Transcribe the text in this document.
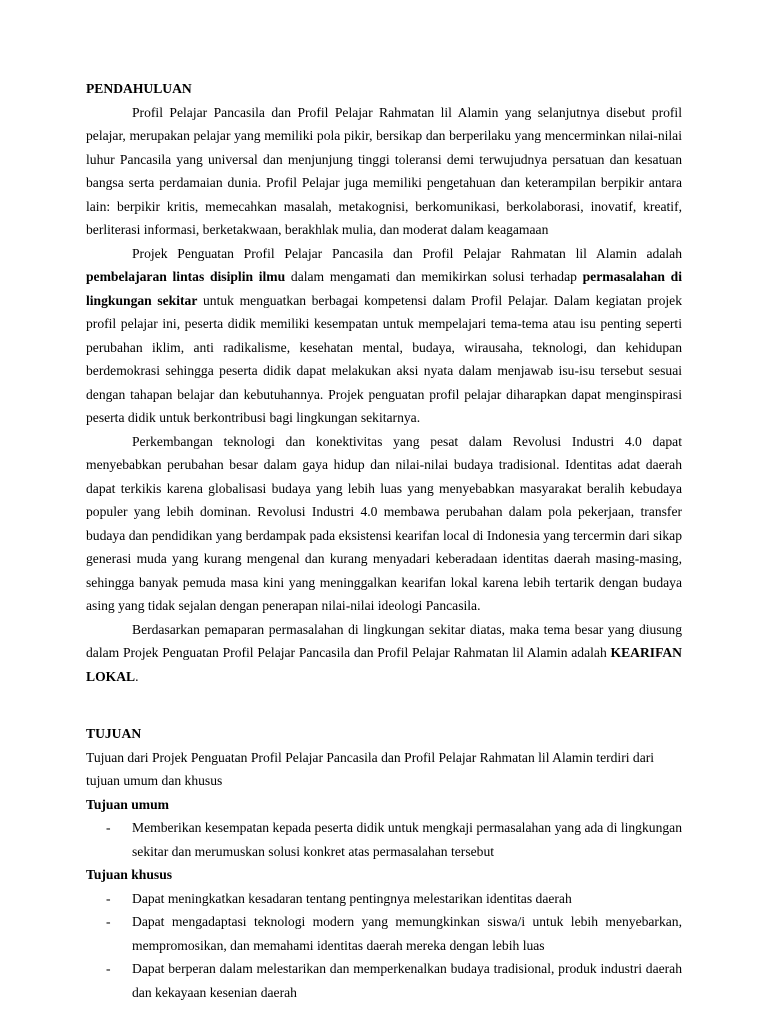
PENDAHULUAN

Profil Pelajar Pancasila dan Profil Pelajar Rahmatan lil Alamin yang selanjutnya disebut profil pelajar, merupakan pelajar yang memiliki pola pikir, bersikap dan berperilaku yang mencerminkan nilai-nilai luhur Pancasila yang universal dan menjunjung tinggi toleransi demi terwujudnya persatuan dan kesatuan bangsa serta perdamaian dunia. Profil Pelajar juga memiliki pengetahuan dan keterampilan berpikir antara lain: berpikir kritis, memecahkan masalah, metakognisi, berkomunikasi, berkolaborasi, inovatif, kreatif, berliterasi informasi, berketakwaan, berakhlak mulia, dan moderat dalam keagamaan

Projek Penguatan Profil Pelajar Pancasila dan Profil Pelajar Rahmatan lil Alamin adalah pembelajaran lintas disiplin ilmu dalam mengamati dan memikirkan solusi terhadap permasalahan di lingkungan sekitar untuk menguatkan berbagai kompetensi dalam Profil Pelajar. Dalam kegiatan projek profil pelajar ini, peserta didik memiliki kesempatan untuk mempelajari tema-tema atau isu penting seperti perubahan iklim, anti radikalisme, kesehatan mental, budaya, wirausaha, teknologi, dan kehidupan berdemokrasi sehingga peserta didik dapat melakukan aksi nyata dalam menjawab isu-isu tersebut sesuai dengan tahapan belajar dan kebutuhannya. Projek penguatan profil pelajar diharapkan dapat menginspirasi peserta didik untuk berkontribusi bagi lingkungan sekitarnya.

Perkembangan teknologi dan konektivitas yang pesat dalam Revolusi Industri 4.0 dapat menyebabkan perubahan besar dalam gaya hidup dan nilai-nilai budaya tradisional. Identitas adat daerah dapat terkikis karena globalisasi budaya yang lebih luas yang menyebabkan masyarakat beralih kebudaya populer yang lebih dominan. Revolusi Industri 4.0 membawa perubahan dalam pola pekerjaan, transfer budaya dan pendidikan yang berdampak pada eksistensi kearifan local di Indonesia yang tercermin dari sikap generasi muda yang kurang mengenal dan kurang menyadari keberadaan identitas daerah masing-masing, sehingga banyak pemuda masa kini yang meninggalkan kearifan lokal karena lebih tertarik dengan budaya asing yang tidak sejalan dengan penerapan nilai-nilai ideologi Pancasila.

Berdasarkan pemaparan permasalahan di lingkungan sekitar diatas, maka tema besar yang diusung dalam Projek Penguatan Profil Pelajar Pancasila dan Profil Pelajar Rahmatan lil Alamin adalah KEARIFAN LOKAL.

TUJUAN

Tujuan dari Projek Penguatan Profil Pelajar Pancasila dan Profil Pelajar Rahmatan lil Alamin terdiri dari tujuan umum dan khusus

Tujuan umum
- Memberikan kesempatan kepada peserta didik untuk mengkaji permasalahan yang ada di lingkungan sekitar dan merumuskan solusi konkret atas permasalahan tersebut
Tujuan khusus
- Dapat meningkatkan kesadaran tentang pentingnya melestarikan identitas daerah
- Dapat mengadaptasi teknologi modern yang memungkinkan siswa/i untuk lebih menyebarkan, mempromosikan, dan memahami identitas daerah mereka dengan lebih luas
- Dapat berperan dalam melestarikan dan memperkenalkan budaya tradisional, produk industri daerah dan kekayaan kesenian daerah
